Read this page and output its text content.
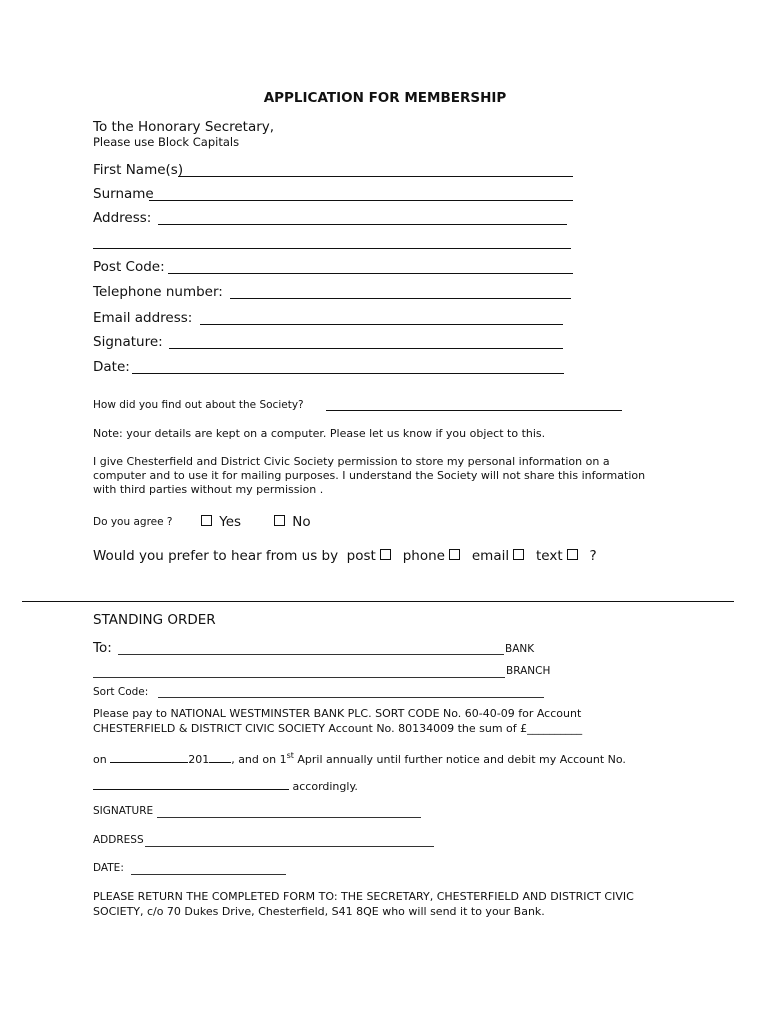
APPLICATION FOR MEMBERSHIP
To the Honorary Secretary,
Please use Block Capitals
First Name(s)
Surname
Address:
Post Code:
Telephone number:
Email address:
Signature:
Date:
How did you find out about the Society?
Note: your details are kept on a computer. Please let us know if you object to this.
I give Chesterfield and District Civic Society permission to store my personal information on a computer and to use it for mailing purposes. I understand the Society will not share this information with third parties without my permission .
Do you agree ?	Yes	No
Would you prefer to hear from us by post phone email text ?
STANDING ORDER
To:	BANK
BRANCH
Sort Code:
Please pay to NATIONAL WESTMINSTER BANK PLC. SORT CODE No. 60-40-09 for Account
CHESTERFIELD & DISTRICT CIVIC SOCIETY Account No. 80134009 the sum of £__________
on	201 , and on 1st April annually until further notice and debit my Account No.
accordingly.
SIGNATURE
ADDRESS
DATE:
PLEASE RETURN THE COMPLETED FORM TO: THE SECRETARY, CHESTERFIELD AND DISTRICT CIVIC
SOCIETY, c/o 70 Dukes Drive, Chesterfield, S41 8QE who will send it to your Bank.
